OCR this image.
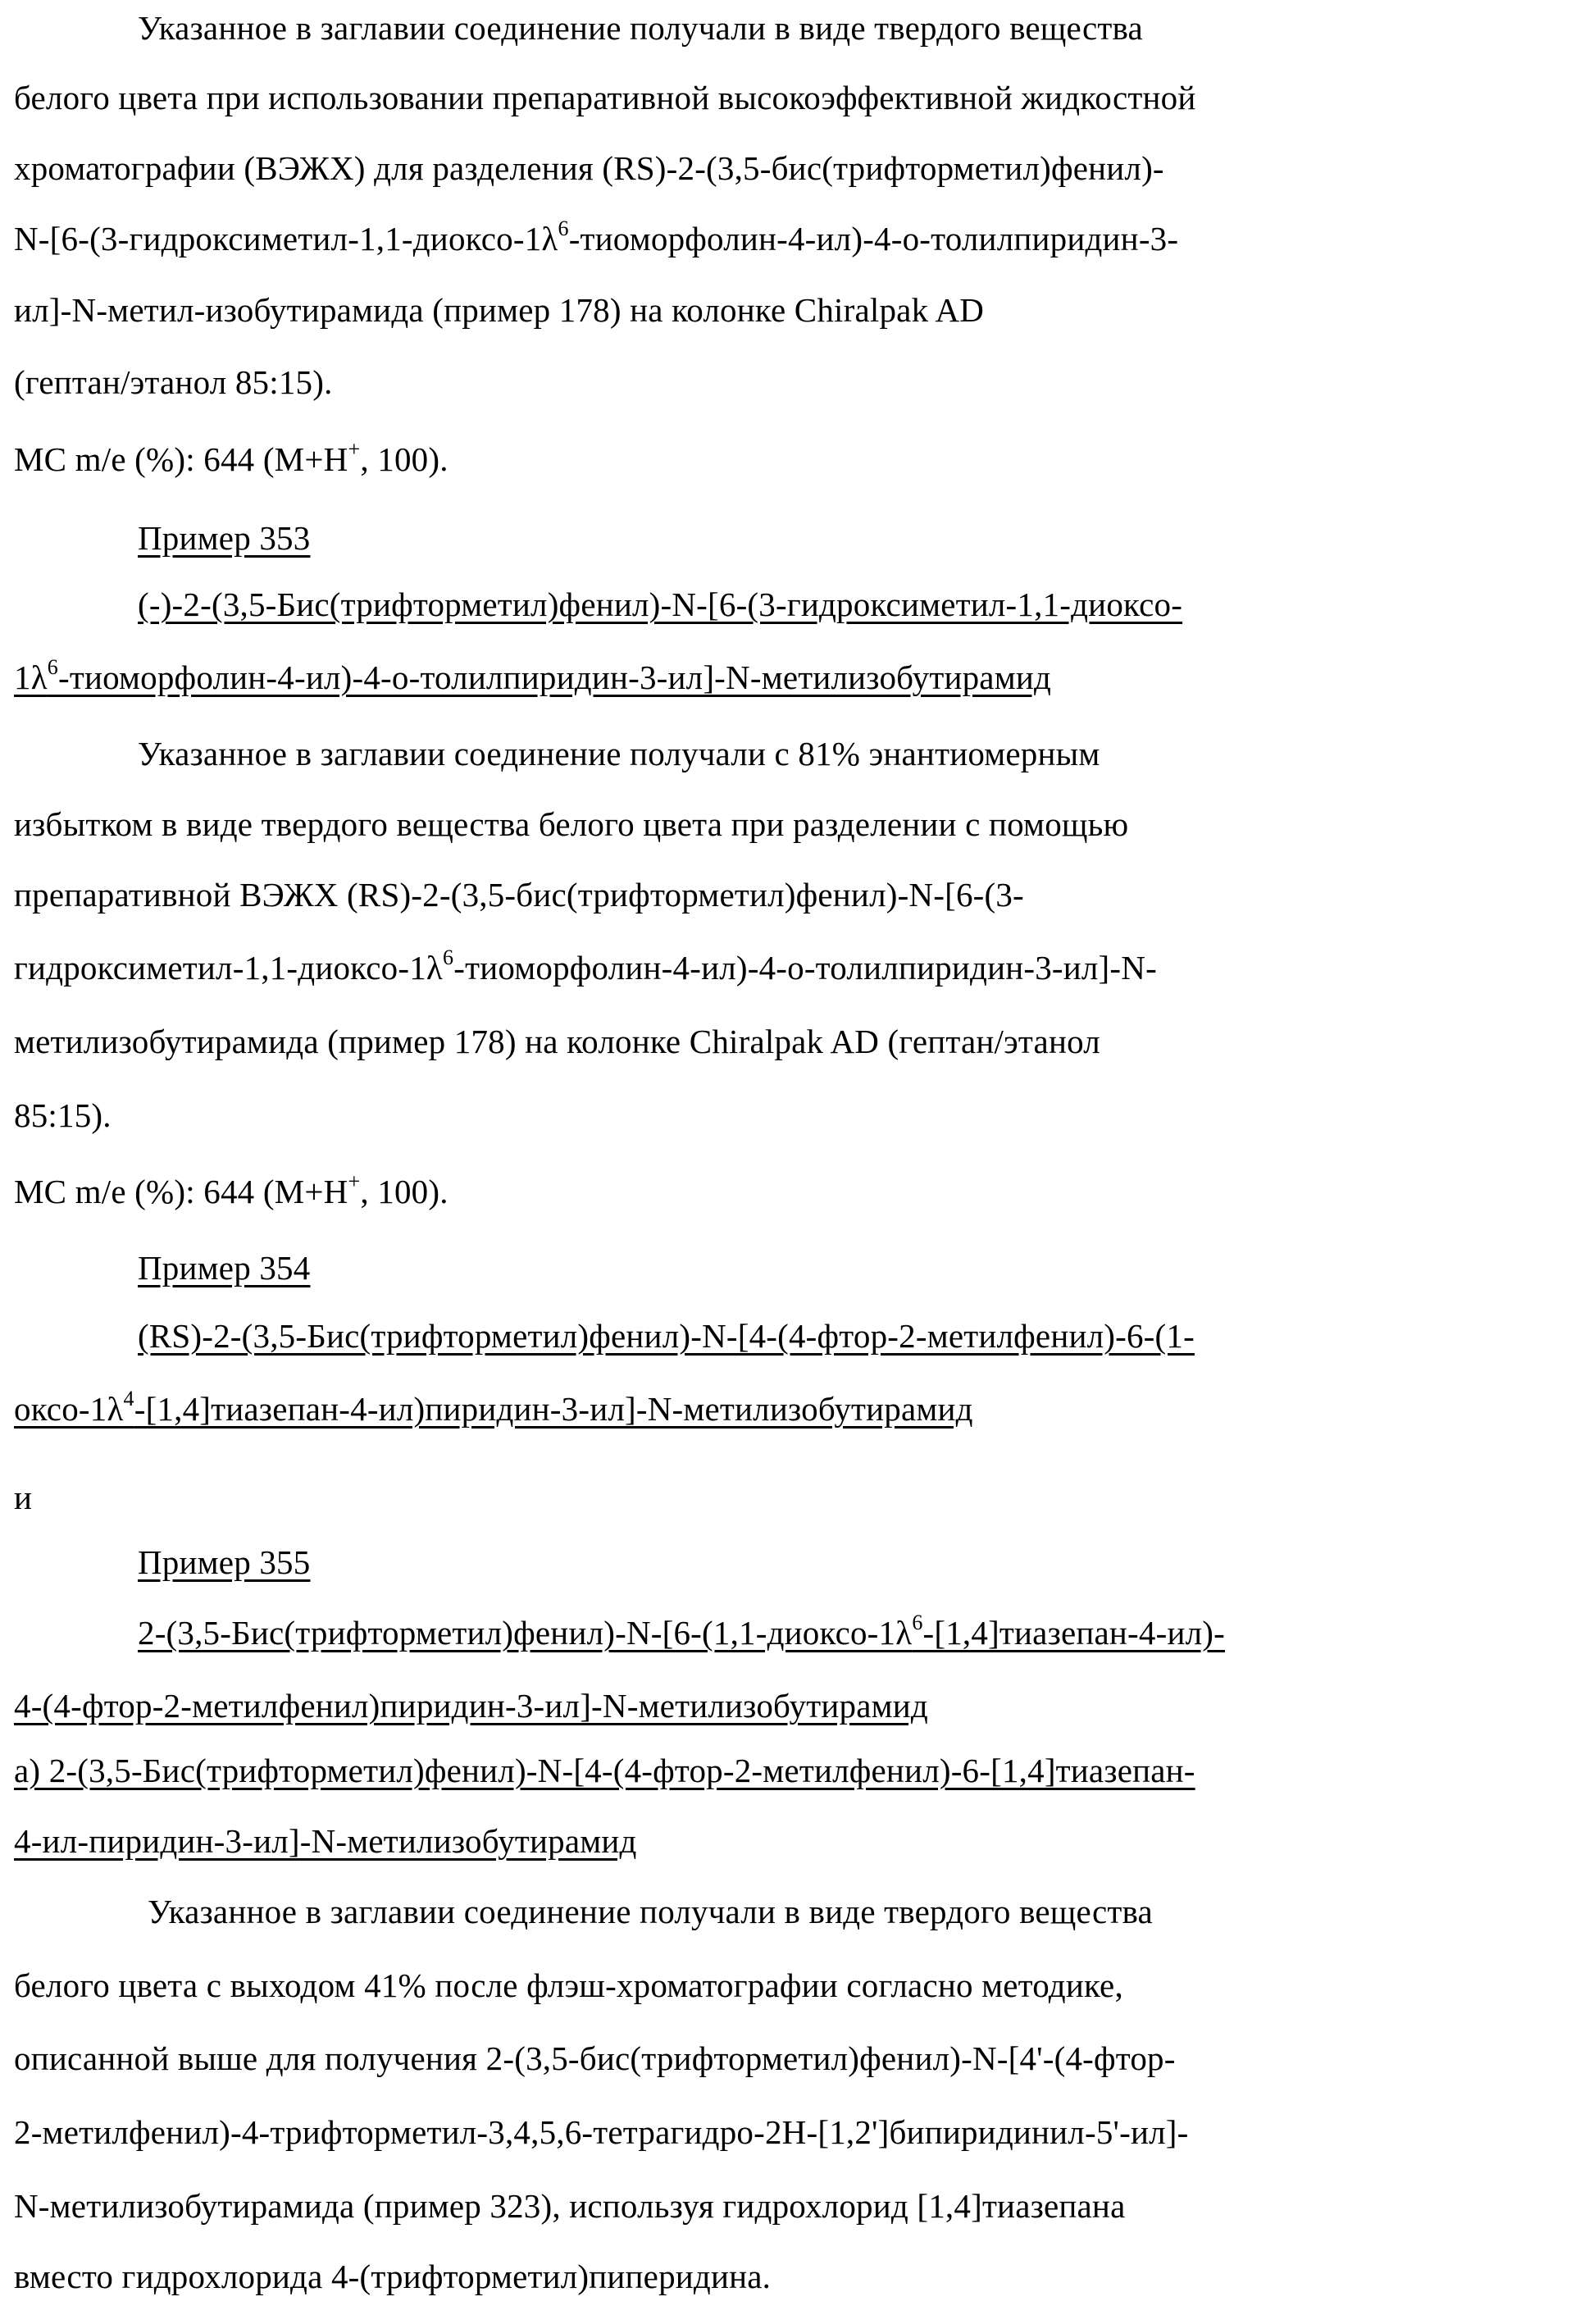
Указанное в заглавии соединение получали в виде твердого вещества
белого цвета при использовании препаративной высокоэффективной жидкостной
хроматографии (ВЭЖХ) для разделения (RS)-2-(3,5-бис(трифторметил)фенил)-
$N-[6-(3-гидроксиметил-1,1-диоксо-1\lambda^6-тиоморфолин-4-ил)-4-о-толилпиридин-3-$
ил]-N-метил-изобутирамида (пример 178) на колонке Chiralpak AD
(гептан/этанол 85:15).
МС m/e (%): 644 (M+H+, 100).
Пример 353
(-)-2-(3,5-Бис(трифторметил)фенил)-N-[6-(3-гидроксиметил-1,1-диоксо-
$1\lambda^6-тиоморфолин-4-ил)-4-о-толилпиридин-3-ил]-N$-метилизобутирамид
Указанное в заглавии соединение получали с 81% энантиомерным
избытком в виде твердого вещества белого цвета при разделении с помощью
препаративной ВЭЖХ (RS)-2-(3,5-бис(трифторметил)фенил)-N-[6-(3-
гидроксиметил-$1,1-диоксо-1\lambda^6-тиоморфолин-4-ил)-4-о-толилпиридин-3-ил]-N-$
метилизобутирамида (пример 178) на колонке Chiralpak AD (гептан/этанол
85:15).
МС m/e (%): 644 (M+H+, 100).
Пример 354
(RS)-2-(3,5-Бис(трифторметил)фенил)-N-[4-(4-фтор-2-метилфенил)-6-(1-
оксо-$1\lambda^4-[1,4]тиазепан-4-ил)пиридин-3-ил]-N$-метилизобутирамид
и
Пример 355
$2-(3,5-Бис(трифторметил)фенил)-N-[6-(1,1-диоксо-1\lambda^6-[1,4]тиазепан-4-ил)-$
4-(4-фтор-2-метилфенил)пиридин-3-ил]-N-метилизобутирамид
а) 2-(3,5-Бис(трифторметил)фенил)-N-[4-(4-фтор-2-метилфенил)-6-[1,4]тиазепан-
4-ил-пиридин-3-ил]-N-метилизобутирамид
Указанное в заглавии соединение получали в виде твердого вещества
белого цвета с выходом 41% после флэш-хроматографии согласно методике,
описанной выше для получения 2-(3,5-бис(трифторметил)фенил)-N-[4'-(4-фтор-
2-метилфенил)-4-трифторметил-3,4,5,6-тетрагидро-2H-[1,2']бипиридинил-5'-ил]-
N-метилизобутирамида (пример 323), используя гидрохлорид [1,4]тиазепана
вместо гидрохлорида 4-(трифторметил)пиперидина.
